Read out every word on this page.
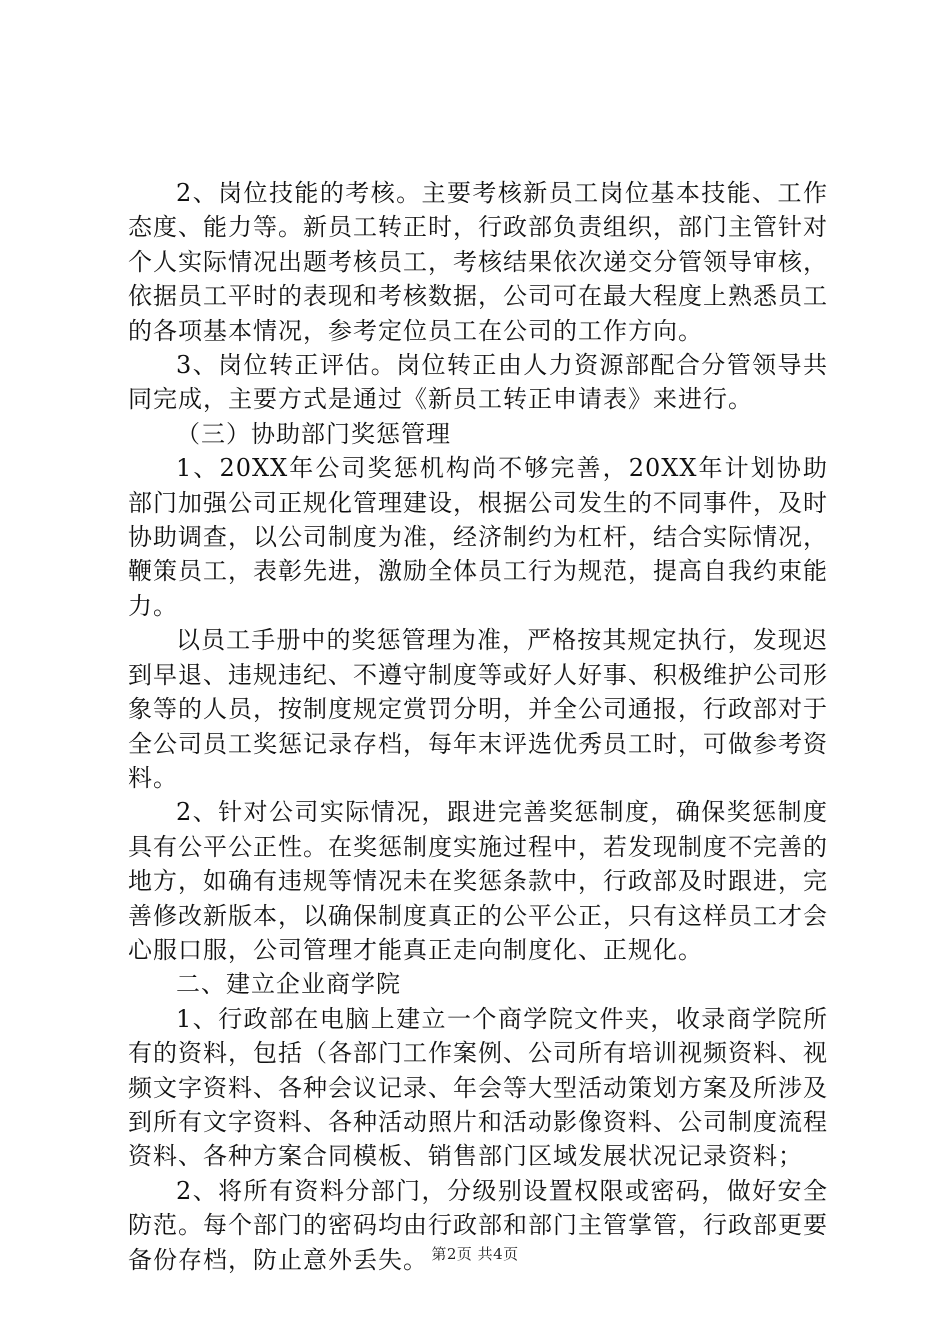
2、岗位技能的考核。主要考核新员工岗位基本技能、工作态度、能力等。新员工转正时，行政部负责组织，部门主管针对个人实际情况出题考核员工，考核结果依次递交分管领导审核，依据员工平时的表现和考核数据，公司可在最大程度上熟悉员工的各项基本情况，参考定位员工在公司的工作方向。

3、岗位转正评估。岗位转正由人力资源部配合分管领导共同完成，主要方式是通过《新员工转正申请表》来进行。

（三）协助部门奖惩管理

1、20XX年公司奖惩机构尚不够完善，20XX年计划协助部门加强公司正规化管理建设，根据公司发生的不同事件，及时协助调查，以公司制度为准，经济制约为杠杆，结合实际情况，鞭策员工，表彰先进，激励全体员工行为规范，提高自我约束能力。

以员工手册中的奖惩管理为准，严格按其规定执行，发现迟到早退、违规违纪、不遵守制度等或好人好事、积极维护公司形象等的人员，按制度规定赏罚分明，并全公司通报，行政部对于全公司员工奖惩记录存档，每年末评选优秀员工时，可做参考资料。

2、针对公司实际情况，跟进完善奖惩制度，确保奖惩制度具有公平公正性。在奖惩制度实施过程中，若发现制度不完善的地方，如确有违规等情况未在奖惩条款中，行政部及时跟进，完善修改新版本，以确保制度真正的公平公正，只有这样员工才会心服口服，公司管理才能真正走向制度化、正规化。

二、建立企业商学院

1、行政部在电脑上建立一个商学院文件夹，收录商学院所有的资料，包括（各部门工作案例、公司所有培训视频资料、视频文字资料、各种会议记录、年会等大型活动策划方案及所涉及到所有文字资料、各种活动照片和活动影像资料、公司制度流程资料、各种方案合同模板、销售部门区域发展状况记录资料；

2、将所有资料分部门，分级别设置权限或密码，做好安全防范。每个部门的密码均由行政部和部门主管掌管，行政部更要备份存档，防止意外丢失。 第2页 共4页
